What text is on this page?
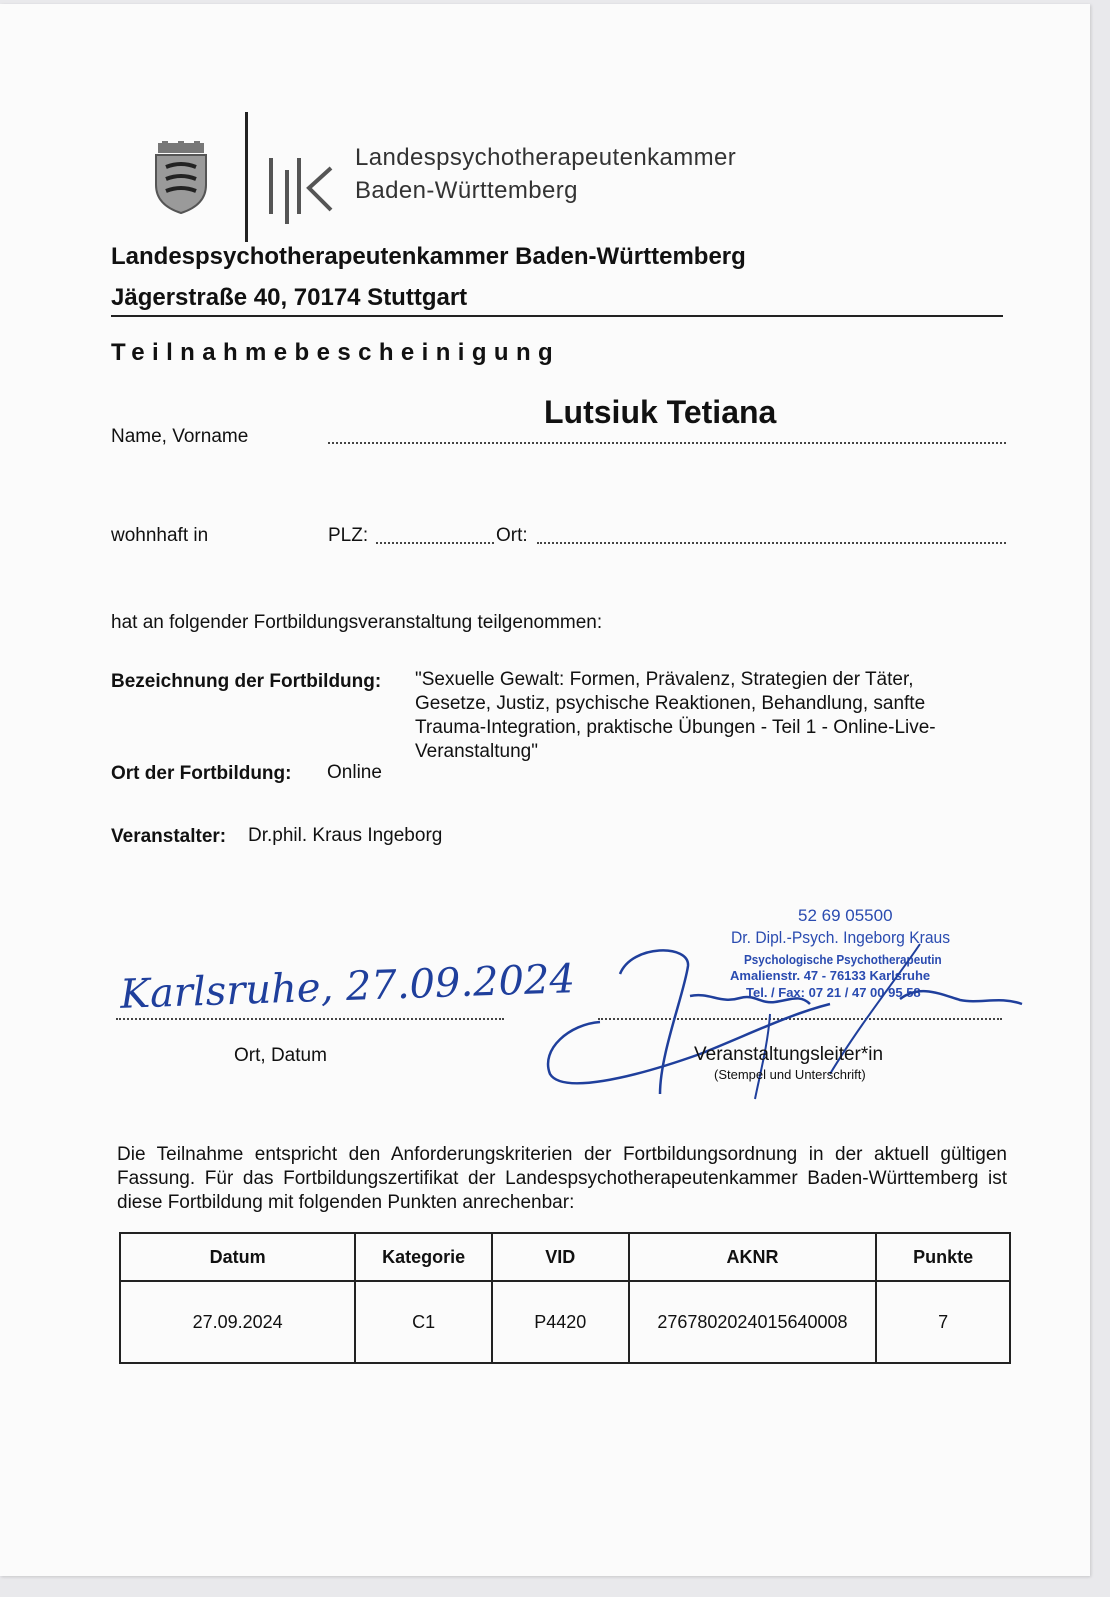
lpk
Landespsychotherapeutenkammer
Baden-Württemberg
Landespsychotherapeutenkammer Baden-Württemberg
Jägerstraße 40, 70174 Stuttgart
Teilnahmebescheinigung
Lutsiuk Tetiana
Name, Vorname
wohnhaft in	PLZ:	Ort:
hat an folgender Fortbildungsveranstaltung teilgenommen:
Bezeichnung der Fortbildung: "Sexuelle Gewalt: Formen, Prävalenz, Strategien der Täter,
Gesetze, Justiz, psychische Reaktionen, Behandlung, sanfte
Trauma-Integration, praktische Übungen - Teil 1 - Online-Live-
Veranstaltung"
Ort der Fortbildung: Online
Veranstalter: Dr.phil. Kraus Ingeborg
Karlsruhe, 27.09.2024
Ort, Datum
52 69 05500
Dr. Dipl.-Psych. Ingeborg Kraus
Psychologische Psychotherapeutin
Amalienstr. 47 - 76133 Karlsruhe
Tel. / Fax: 07 21 / 47 00 95 58
Veranstaltungsleiter*in
(Stempel und Unterschrift)
Die Teilnahme entspricht den Anforderungskriterien der Fortbildungsordnung in der aktuell gültigen Fassung. Für das Fortbildungszertifikat der Landespsychotherapeutenkammer Baden-Württemberg ist diese Fortbildung mit folgenden Punkten anrechenbar:
Datum	Kategorie	VID	AKNR	Punkte
27.09.2024	C1	P4420	2767802024015640008	7
